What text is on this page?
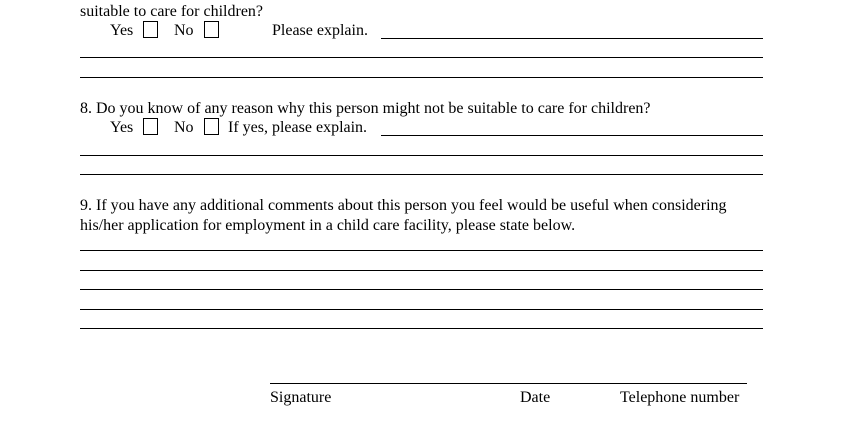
suitable to care for children?
Yes	No	Please explain.
8. Do you know of any reason why this person might not be suitable to care for children?
Yes	No If yes, please explain.
9. If you have any additional comments about this person you feel would be useful when considering
his/her application for employment in a child care facility, please state below.
Signature	Date	Telephone number
